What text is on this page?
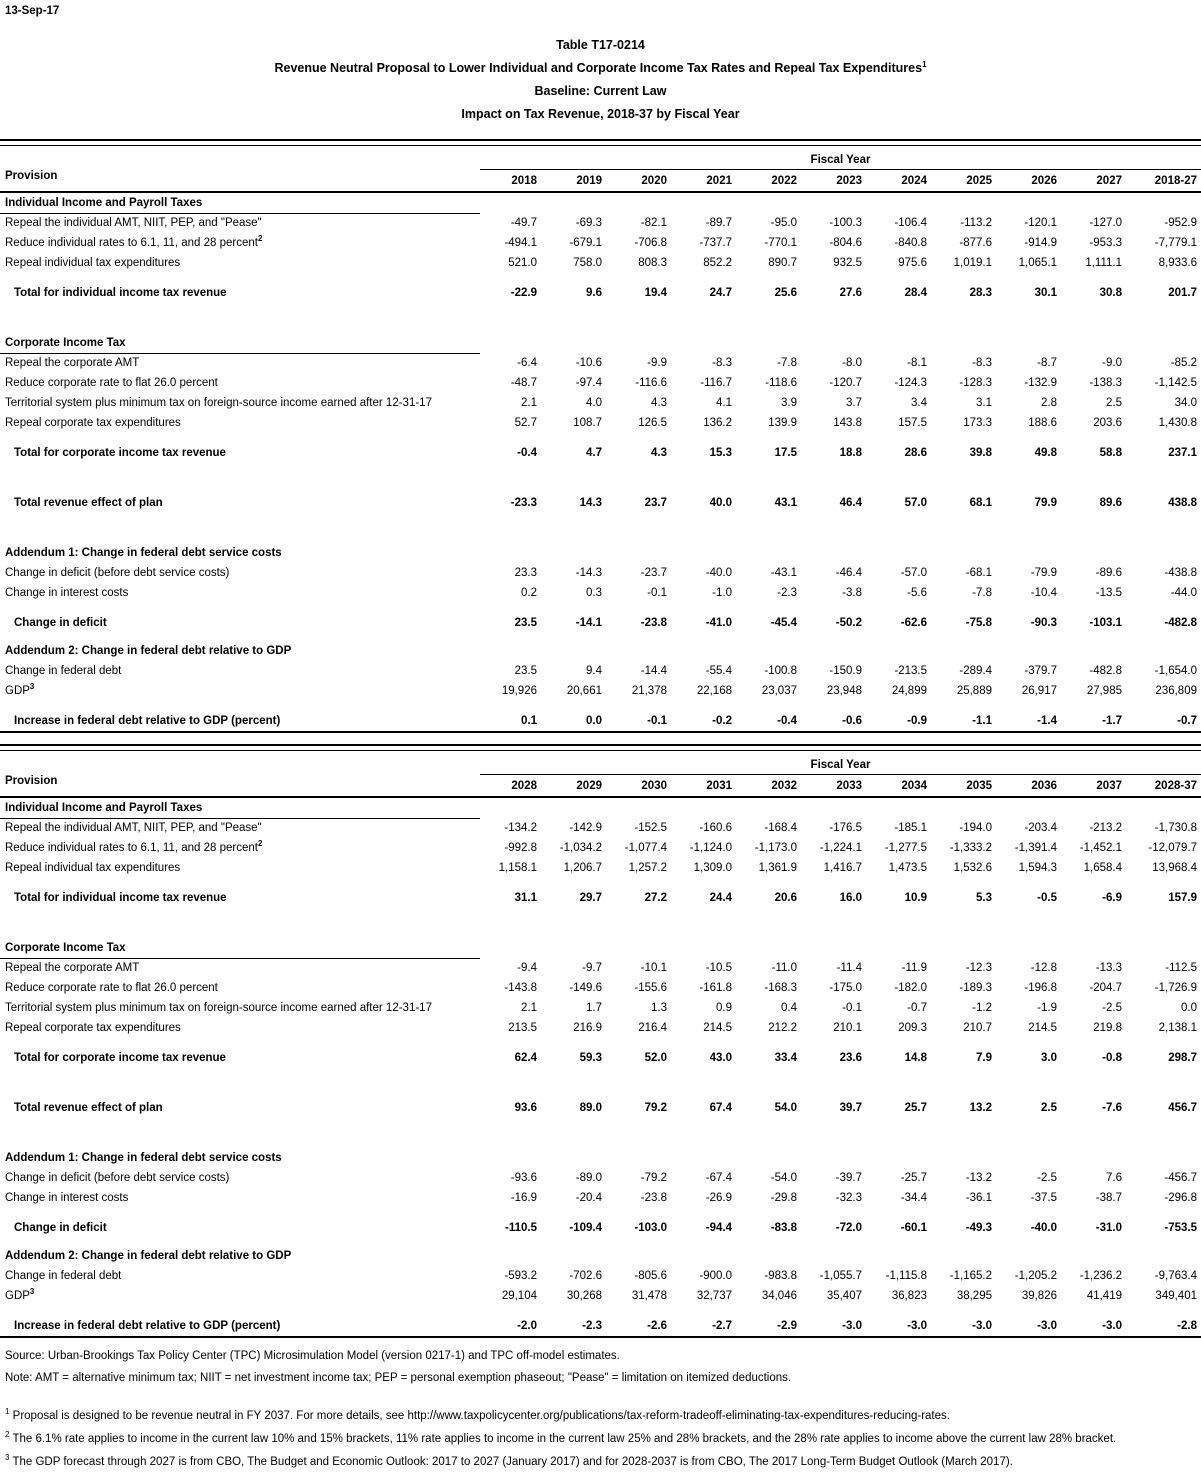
13-Sep-17
Table T17-0214
Revenue Neutral Proposal to Lower Individual and Corporate Income Tax Rates and Repeal Tax Expenditures$^1$
Baseline: Current Law
Impact on Tax Revenue, 2018-37 by Fiscal Year
Provision
Fiscal Year
2018	2019	2020	2021	2022	2023	2024	2025	2026	2027	2018-27
Individual Income and Payroll Taxes
Repeal the individual AMT, NIIT, PEP, and "Pease"	-49.7	-69.3	-82.1	-89.7	-95.0	-100.3	-106.4	-113.2	-120.1	-127.0	-952.9
Reduce individual rates to 6.1, 11, and 28 percent$^2$	-494.1	-679.1	-706.8	-737.7	-770.1	-804.6	-840.8	-877.6	-914.9	-953.3	-7,779.1
Repeal individual tax expenditures	521.0	758.0	808.3	852.2	890.7	932.5	975.6	1,019.1	1,065.1	1,111.1	8,933.6
Total for individual income tax revenue	-22.9	9.6	19.4	24.7	25.6	27.6	28.4	28.3	30.1	30.8	201.7
Corporate Income Tax
Repeal the corporate AMT	-6.4	-10.6	-9.9	-8.3	-7.8	-8.0	-8.1	-8.3	-8.7	-9.0	-85.2
Reduce corporate rate to flat 26.0 percent	-48.7	-97.4	-116.6	-116.7	-118.6	-120.7	-124.3	-128.3	-132.9	-138.3	-1,142.5
Territorial system plus minimum tax on foreign-source income earned after 12-31-17	2.1	4.0	4.3	4.1	3.9	3.7	3.4	3.1	2.8	2.5	34.0
Repeal corporate tax expenditures	52.7	108.7	126.5	136.2	139.9	143.8	157.5	173.3	188.6	203.6	1,430.8
Total for corporate income tax revenue	-0.4	4.7	4.3	15.3	17.5	18.8	28.6	39.8	49.8	58.8	237.1
Total revenue effect of plan	-23.3	14.3	23.7	40.0	43.1	46.4	57.0	68.1	79.9	89.6	438.8
Addendum 1: Change in federal debt service costs
Change in deficit (before debt service costs)	23.3	-14.3	-23.7	-40.0	-43.1	-46.4	-57.0	-68.1	-79.9	-89.6	-438.8
Change in interest costs	0.2	0.3	-0.1	-1.0	-2.3	-3.8	-5.6	-7.8	-10.4	-13.5	-44.0
Change in deficit	23.5	-14.1	-23.8	-41.0	-45.4	-50.2	-62.6	-75.8	-90.3	-103.1	-482.8
Addendum 2: Change in federal debt relative to GDP
Change in federal debt	23.5	9.4	-14.4	-55.4	-100.8	-150.9	-213.5	-289.4	-379.7	-482.8	-1,654.0
GDP$^3$	19,926	20,661	21,378	22,168	23,037	23,948	24,899	25,889	26,917	27,985	236,809
Increase in federal debt relative to GDP (percent)	0.1	0.0	-0.1	-0.2	-0.4	-0.6	-0.9	-1.1	-1.4	-1.7	-0.7
Provision
Fiscal Year
2028	2029	2030	2031	2032	2033	2034	2035	2036	2037	2028-37
Individual Income and Payroll Taxes
Repeal the individual AMT, NIIT, PEP, and "Pease"	-134.2	-142.9	-152.5	-160.6	-168.4	-176.5	-185.1	-194.0	-203.4	-213.2	-1,730.8
Reduce individual rates to 6.1, 11, and 28 percent$^2$	-992.8	-1,034.2	-1,077.4	-1,124.0	-1,173.0	-1,224.1	-1,277.5	-1,333.2	-1,391.4	-1,452.1	-12,079.7
Repeal individual tax expenditures	1,158.1	1,206.7	1,257.2	1,309.0	1,361.9	1,416.7	1,473.5	1,532.6	1,594.3	1,658.4	13,968.4
Total for individual income tax revenue	31.1	29.7	27.2	24.4	20.6	16.0	10.9	5.3	-0.5	-6.9	157.9
Corporate Income Tax
Repeal the corporate AMT	-9.4	-9.7	-10.1	-10.5	-11.0	-11.4	-11.9	-12.3	-12.8	-13.3	-112.5
Reduce corporate rate to flat 26.0 percent	-143.8	-149.6	-155.6	-161.8	-168.3	-175.0	-182.0	-189.3	-196.8	-204.7	-1,726.9
Territorial system plus minimum tax on foreign-source income earned after 12-31-17	2.1	1.7	1.3	0.9	0.4	-0.1	-0.7	-1.2	-1.9	-2.5	0.0
Repeal corporate tax expenditures	213.5	216.9	216.4	214.5	212.2	210.1	209.3	210.7	214.5	219.8	2,138.1
Total for corporate income tax revenue	62.4	59.3	52.0	43.0	33.4	23.6	14.8	7.9	3.0	-0.8	298.7
Total revenue effect of plan	93.6	89.0	79.2	67.4	54.0	39.7	25.7	13.2	2.5	-7.6	456.7
Addendum 1: Change in federal debt service costs
Change in deficit (before debt service costs)	-93.6	-89.0	-79.2	-67.4	-54.0	-39.7	-25.7	-13.2	-2.5	7.6	-456.7
Change in interest costs	-16.9	-20.4	-23.8	-26.9	-29.8	-32.3	-34.4	-36.1	-37.5	-38.7	-296.8
Change in deficit	-110.5	-109.4	-103.0	-94.4	-83.8	-72.0	-60.1	-49.3	-40.0	-31.0	-753.5
Addendum 2: Change in federal debt relative to GDP
Change in federal debt	-593.2	-702.6	-805.6	-900.0	-983.8	-1,055.7	-1,115.8	-1,165.2	-1,205.2	-1,236.2	-9,763.4
GDP$^3$	29,104	30,268	31,478	32,737	34,046	35,407	36,823	38,295	39,826	41,419	349,401
Increase in federal debt relative to GDP (percent)	-2.0	-2.3	-2.6	-2.7	-2.9	-3.0	-3.0	-3.0	-3.0	-3.0	-2.8
Source: Urban-Brookings Tax Policy Center (TPC) Microsimulation Model (version 0217-1) and TPC off-model estimates.
Note: AMT = alternative minimum tax; NIIT = net investment income tax; PEP = personal exemption phaseout; "Pease" = limitation on itemized deductions.
$^1$ Proposal is designed to be revenue neutral in FY 2037. For more details, see http://www.taxpolicycenter.org/publications/tax-reform-tradeoff-eliminating-tax-expenditures-reducing-rates.
$^2$ The 6.1% rate applies to income in the current law 10% and 15% brackets, 11% rate applies to income in the current law 25% and 28% brackets, and the 28% rate applies to income above the current law 28% bracket.
$^3$ The GDP forecast through 2027 is from CBO, The Budget and Economic Outlook: 2017 to 2027 (January 2017) and for 2028-2037 is from CBO, The 2017 Long-Term Budget Outlook (March 2017).
